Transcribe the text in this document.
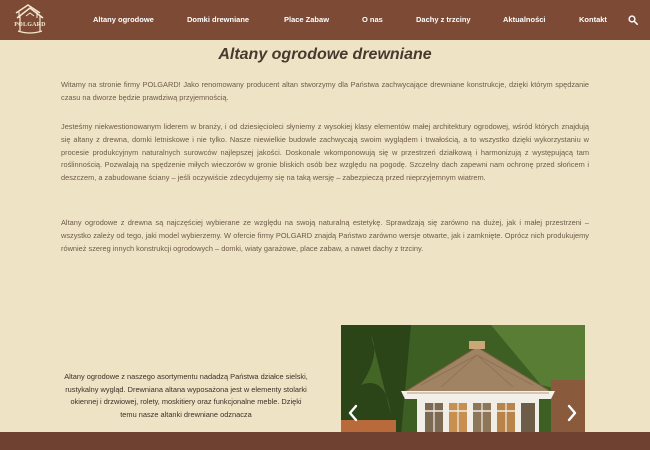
POLGARD
Altany ogrodowe	Domki drewniane	Place Zabaw	O nas	Dachy z trzciny	Aktualności	Kontakt
Altany ogrodowe drewniane

Witamy na stronie firmy POLGARD! Jako renomowany producent altan stworzymy dla Państwa zachwycające drewniane konstrukcje, dzięki którym spędzanie czasu na dworze będzie prawdziwą przyjemnością.

Jesteśmy niekwestionowanym liderem w branży, i od dziesięcioleci słyniemy z wysokiej klasy elementów małej architektury ogrodowej, wśród których znajdują się altany z drewna, domki letniskowe i nie tylko. Nasze niewielkie budowle zachwycają swoim wyglądem i trwałością, a to wszystko dzięki wykorzystaniu w procesie produkcyjnym naturalnych surowców najlepszej jakości. Doskonale wkomponowują się w przestrzeń działkową i harmonizują z występującą tam roślinnością. Pozwalają na spędzenie miłych wieczorów w gronie bliskich osób bez względu na pogodę. Szczelny dach zapewni nam ochronę przed słońcem i deszczem, a zabudowane ściany – jeśli oczywiście zdecydujemy się na taką wersję – zabezpieczą przed nieprzyjemnym wiatrem.

Altany ogrodowe z drewna są najczęściej wybierane ze względu na swoją naturalną estetykę. Sprawdzają się zarówno na dużej, jak i małej przestrzeni – wszystko zależy od tego, jaki model wybierzemy. W ofercie firmy POLGARD znajdą Państwo zarówno wersje otwarte, jak i zamknięte. Oprócz nich produkujemy również szereg innych konstrukcji ogrodowych – domki, wiaty garażowe, place zabaw, a nawet dachy z trzciny.

Altany ogrodowe z naszego asortymentu nadadzą Państwa działce sielski, rustykalny wygląd. Drewniana altana wyposażona jest w elementy stolarki okiennej i drzwiowej, rolety, moskitiery oraz funkcjonalne meble. Dzięki temu nasze altanki drewniane odznacza
